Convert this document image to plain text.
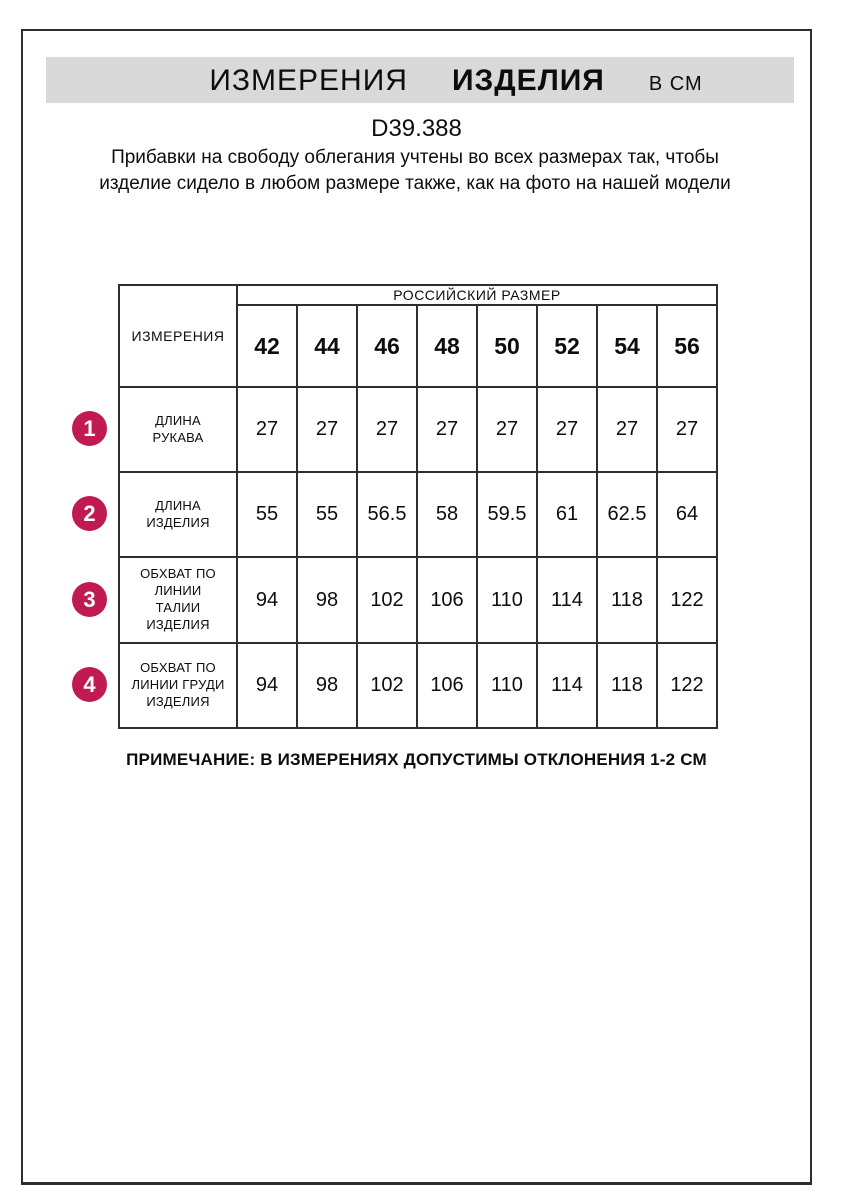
ИЗМЕРЕНИЯ ИЗДЕЛИЯ В СМ
D39.388
Прибавки на свободу облегания учтены во всех размерах так, чтобы изделие сидело в любом размере также, как на фото на нашей модели
ИЗМЕРЕНИЯ	РОССИЙСКИЙ РАЗМЕР							
	42	44	46	48	50	52	54	56
ДЛИНА РУКАВА	27	27	27	27	27	27	27	27
ДЛИНА ИЗДЕЛИЯ	55	55	56.5	58	59.5	61	62.5	64
ОБХВАТ ПО ЛИНИИ ТАЛИИ ИЗДЕЛИЯ	94	98	102	106	110	114	118	122
ОБХВАТ ПО ЛИНИИ ГРУДИ ИЗДЕЛИЯ	94	98	102	106	110	114	118	122
1
2
3
4
ПРИМЕЧАНИЕ: В ИЗМЕРЕНИЯХ ДОПУСТИМЫ ОТКЛОНЕНИЯ 1-2 СМ
